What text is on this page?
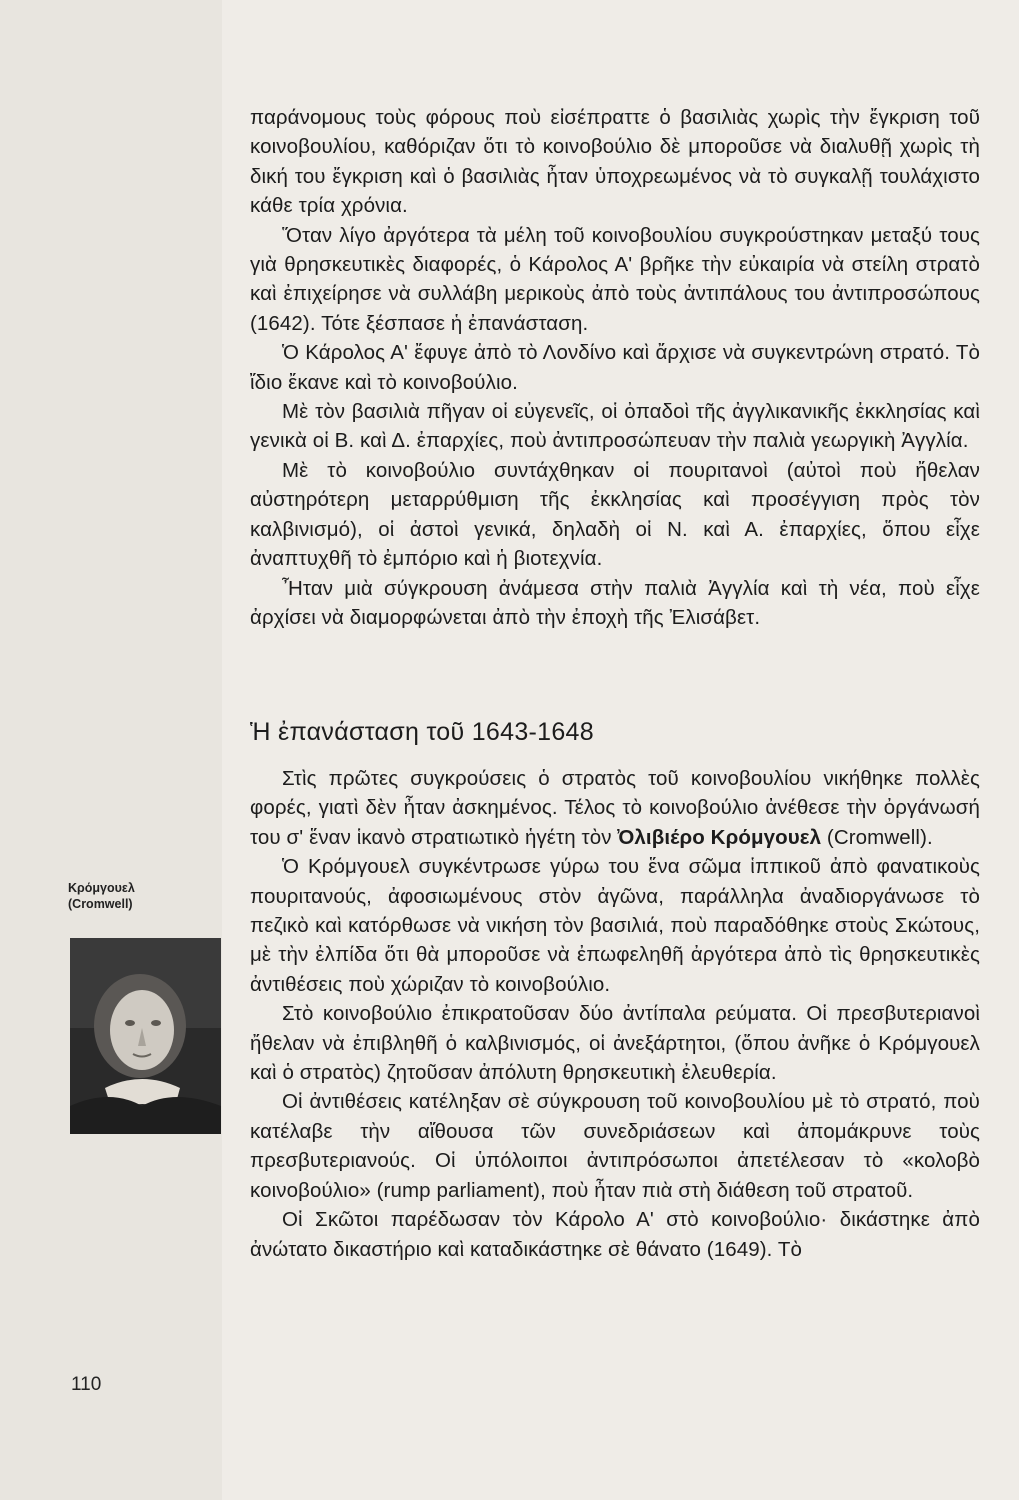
παράνομους τοὺς φόρους ποὺ εἰσέπραττε ὁ βασιλιὰς χωρὶς τὴν ἔγκριση τοῦ κοινοβουλίου, καθόριζαν ὅτι τὸ κοινοβούλιο δὲ μποροῦσε νὰ διαλυθῇ χωρὶς τὴ δική του ἔγκριση καὶ ὁ βασιλιὰς ἦταν ὑποχρεωμένος νὰ τὸ συγκαλῇ τουλάχιστο κάθε τρία χρόνια.

Ὅταν λίγο ἀργότερα τὰ μέλη τοῦ κοινοβουλίου συγκρούστηκαν μεταξύ τους γιὰ θρησκευτικὲς διαφορές, ὁ Κάρολος Α' βρῆκε τὴν εὐκαιρία νὰ στείλη στρατὸ καὶ ἐπιχείρησε νὰ συλλάβη μερικοὺς ἀπὸ τοὺς ἀντιπάλους του ἀντιπροσώπους (1642). Τότε ξέσπασε ἡ ἐπανάσταση.

Ὁ Κάρολος Α' ἔφυγε ἀπὸ τὸ Λονδίνο καὶ ἄρχισε νὰ συγκεντρώνη στρατό. Τὸ ἴδιο ἔκανε καὶ τὸ κοινοβούλιο.

Μὲ τὸν βασιλιὰ πῆγαν οἱ εὐγενεῖς, οἱ ὀπαδοὶ τῆς ἀγγλικανικῆς ἐκκλησίας καὶ γενικὰ οἱ Β. καὶ Δ. ἐπαρχίες, ποὺ ἀντιπροσώπευαν τὴν παλιὰ γεωργικὴ Ἀγγλία.

Μὲ τὸ κοινοβούλιο συντάχθηκαν οἱ πουριτανοὶ (αὐτοὶ ποὺ ἤθελαν αὐστηρότερη μεταρρύθμιση τῆς ἐκκλησίας καὶ προσέγγιση πρὸς τὸν καλβινισμό), οἱ ἀστοὶ γενικά, δηλαδὴ οἱ Ν. καὶ Α. ἐπαρχίες, ὅπου εἶχε ἀναπτυχθῆ τὸ ἐμπόριο καὶ ἡ βιοτεχνία.

Ἦταν μιὰ σύγκρουση ἀνάμεσα στὴν παλιὰ Ἀγγλία καὶ τὴ νέα, ποὺ εἶχε ἀρχίσει νὰ διαμορφώνεται ἀπὸ τὴν ἐποχὴ τῆς Ἐλισάβετ.

Ἡ ἐπανάσταση τοῦ 1643-1648

Στὶς πρῶτες συγκρούσεις ὁ στρατὸς τοῦ κοινοβουλίου νικήθηκε πολλὲς φορές, γιατὶ δὲν ἦταν ἀσκημένος. Τέλος τὸ κοινοβούλιο ἀνέθεσε τὴν ὀργάνωσή του σ' ἕναν ἱκανὸ στρατιωτικὸ ἡγέτη τὸν Ὀλιβιέρο Κρόμγουελ (Cromwell).

Ὁ Κρόμγουελ συγκέντρωσε γύρω του ἕνα σῶμα ἱππικοῦ ἀπὸ φανατικοὺς πουριτανούς, ἀφοσιωμένους στὸν ἀγῶνα, παράλληλα ἀναδιοργάνωσε τὸ πεζικὸ καὶ κατόρθωσε νὰ νικήση τὸν βασιλιά, ποὺ παραδόθηκε στοὺς Σκώτους, μὲ τὴν ἐλπίδα ὅτι θὰ μποροῦσε νὰ ἐπωφεληθῆ ἀργότερα ἀπὸ τὶς θρησκευτικὲς ἀντιθέσεις ποὺ χώριζαν τὸ κοινοβούλιο.

Στὸ κοινοβούλιο ἐπικρατοῦσαν δύο ἀντίπαλα ρεύματα. Οἱ πρεσβυτεριανοὶ ἤθελαν νὰ ἐπιβληθῆ ὁ καλβινισμός, οἱ ἀνεξάρτητοι, (ὅπου ἀνῆκε ὁ Κρόμγουελ καὶ ὁ στρατὸς) ζητοῦσαν ἀπόλυτη θρησκευτικὴ ἐλευθερία.

Οἱ ἀντιθέσεις κατέληξαν σὲ σύγκρουση τοῦ κοινοβουλίου μὲ τὸ στρατό, ποὺ κατέλαβε τὴν αἴθουσα τῶν συνεδριάσεων καὶ ἀπομάκρυνε τοὺς πρεσβυτεριανούς. Οἱ ὑπόλοιποι ἀντιπρόσωποι ἀπετέλεσαν τὸ «κολοβὸ κοινοβούλιο» (rump parliament), ποὺ ἦταν πιὰ στὴ διάθεση τοῦ στρατοῦ.

Οἱ Σκῶτοι παρέδωσαν τὸν Κάρολο Α' στὸ κοινοβούλιο· δικάστηκε ἀπὸ ἀνώτατο δικαστήριο καὶ καταδικάστηκε σὲ θάνατο (1649). Τὸ

Κρόμγουελ
(Cromwell)
110
